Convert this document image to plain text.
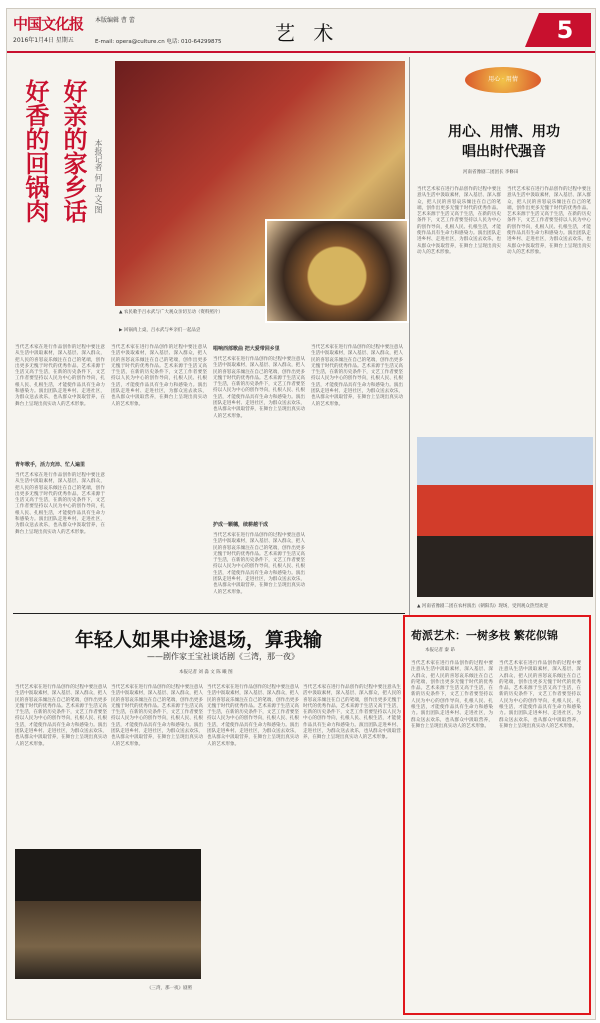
中国文化报
2016年1月4日 星期五
本版编辑 曹 蕾
E-mail: opera@culture.cn 电话: 010-64299875	艺 术	5
好亲的家乡话
好香的回锅肉	本报记者 何 晶 文/图
▲ 农民歌手吕永武与广大观众亲切互动（资料照片）
▶ 回锅肉上桌，吕永武与乡亲们一起品尝
当代艺术家在进行作品创作的过程中要注意从生活中汲取素材，深入基层、深入群众，把人民的喜怒哀乐倾注在自己的笔端，创作出更多无愧于时代的优秀作品。艺术来源于生活又高于生活，在新的历史条件下，文艺工作者要坚持以人民为中心的创作导向，扎根人民、扎根生活，才能使作品具有生命力和感染力。演出团队走进乡村、走进社区，为群众送去欢乐，也从群众中汲取营养，在舞台上呈现出真实动人的艺术形象。
青年歌手，活力充沛、忙人遍里
当代艺术家在进行作品创作的过程中要注意从生活中汲取素材，深入基层、深入群众，把人民的喜怒哀乐倾注在自己的笔端，创作出更多无愧于时代的优秀作品。艺术来源于生活又高于生活，在新的历史条件下，文艺工作者要坚持以人民为中心的创作导向，扎根人民、扎根生活，才能使作品具有生命力和感染力。演出团队走进乡村、走进社区，为群众送去欢乐，也从群众中汲取营养，在舞台上呈现出真实动人的艺术形象。
当代艺术家在进行作品创作的过程中要注意从生活中汲取素材，深入基层、深入群众，把人民的喜怒哀乐倾注在自己的笔端，创作出更多无愧于时代的优秀作品。艺术来源于生活又高于生活，在新的历史条件下，文艺工作者要坚持以人民为中心的创作导向，扎根人民、扎根生活，才能使作品具有生命力和感染力。演出团队走进乡村、走进社区，为群众送去欢乐，也从群众中汲取营养，在舞台上呈现出真实动人的艺术形象。
唱响西部歌曲 把大爱带回乡里
当代艺术家在进行作品创作的过程中要注意从生活中汲取素材，深入基层、深入群众，把人民的喜怒哀乐倾注在自己的笔端，创作出更多无愧于时代的优秀作品。艺术来源于生活又高于生活，在新的历史条件下，文艺工作者要坚持以人民为中心的创作导向，扎根人民、扎根生活，才能使作品具有生命力和感染力。演出团队走进乡村、走进社区，为群众送去欢乐，也从群众中汲取营养，在舞台上呈现出真实动人的艺术形象。
护成一颗穗，续耕越干成
当代艺术家在进行作品创作的过程中要注意从生活中汲取素材，深入基层、深入群众，把人民的喜怒哀乐倾注在自己的笔端，创作出更多无愧于时代的优秀作品。艺术来源于生活又高于生活，在新的历史条件下，文艺工作者要坚持以人民为中心的创作导向，扎根人民、扎根生活，才能使作品具有生命力和感染力。演出团队走进乡村、走进社区，为群众送去欢乐，也从群众中汲取营养，在舞台上呈现出真实动人的艺术形象。
当代艺术家在进行作品创作的过程中要注意从生活中汲取素材，深入基层、深入群众，把人民的喜怒哀乐倾注在自己的笔端，创作出更多无愧于时代的优秀作品。艺术来源于生活又高于生活，在新的历史条件下，文艺工作者要坚持以人民为中心的创作导向，扎根人民、扎根生活，才能使作品具有生命力和感染力。演出团队走进乡村、走进社区，为群众送去欢乐，也从群众中汲取营养，在舞台上呈现出真实动人的艺术形象。
用心 · 用情
用心、用情、用功
唱出时代强音
河南省豫剧二团团长 李修田
当代艺术家在进行作品创作的过程中要注意从生活中汲取素材，深入基层、深入群众，把人民的喜怒哀乐倾注在自己的笔端，创作出更多无愧于时代的优秀作品。艺术来源于生活又高于生活，在新的历史条件下，文艺工作者要坚持以人民为中心的创作导向，扎根人民、扎根生活，才能使作品具有生命力和感染力。演出团队走进乡村、走进社区，为群众送去欢乐，也从群众中汲取营养，在舞台上呈现出真实动人的艺术形象。
当代艺术家在进行作品创作的过程中要注意从生活中汲取素材，深入基层、深入群众，把人民的喜怒哀乐倾注在自己的笔端，创作出更多无愧于时代的优秀作品。艺术来源于生活又高于生活，在新的历史条件下，文艺工作者要坚持以人民为中心的创作导向，扎根人民、扎根生活，才能使作品具有生命力和感染力。演出团队走进乡村、走进社区，为群众送去欢乐，也从群众中汲取营养，在舞台上呈现出真实动人的艺术形象。
▲ 河南省豫剧二团在农村演出《朝阳沟》现场，受到观众热烈欢迎
年轻人如果中途退场，算我输
——剧作家王宝社谈话剧《三湾，那一夜》
本报记者 刘 淼 文 陈 曦 图
当代艺术家在进行作品创作的过程中要注意从生活中汲取素材，深入基层、深入群众，把人民的喜怒哀乐倾注在自己的笔端，创作出更多无愧于时代的优秀作品。艺术来源于生活又高于生活，在新的历史条件下，文艺工作者要坚持以人民为中心的创作导向，扎根人民、扎根生活，才能使作品具有生命力和感染力。演出团队走进乡村、走进社区，为群众送去欢乐，也从群众中汲取营养，在舞台上呈现出真实动人的艺术形象。
当代艺术家在进行作品创作的过程中要注意从生活中汲取素材，深入基层、深入群众，把人民的喜怒哀乐倾注在自己的笔端，创作出更多无愧于时代的优秀作品。艺术来源于生活又高于生活，在新的历史条件下，文艺工作者要坚持以人民为中心的创作导向，扎根人民、扎根生活，才能使作品具有生命力和感染力。演出团队走进乡村、走进社区，为群众送去欢乐，也从群众中汲取营养，在舞台上呈现出真实动人的艺术形象。
当代艺术家在进行作品创作的过程中要注意从生活中汲取素材，深入基层、深入群众，把人民的喜怒哀乐倾注在自己的笔端，创作出更多无愧于时代的优秀作品。艺术来源于生活又高于生活，在新的历史条件下，文艺工作者要坚持以人民为中心的创作导向，扎根人民、扎根生活，才能使作品具有生命力和感染力。演出团队走进乡村、走进社区，为群众送去欢乐，也从群众中汲取营养，在舞台上呈现出真实动人的艺术形象。
当代艺术家在进行作品创作的过程中要注意从生活中汲取素材，深入基层、深入群众，把人民的喜怒哀乐倾注在自己的笔端，创作出更多无愧于时代的优秀作品。艺术来源于生活又高于生活，在新的历史条件下，文艺工作者要坚持以人民为中心的创作导向，扎根人民、扎根生活，才能使作品具有生命力和感染力。演出团队走进乡村、走进社区，为群众送去欢乐，也从群众中汲取营养，在舞台上呈现出真实动人的艺术形象。
《三湾，那一夜》剧照
荀派艺术：一树多枝 繁花似锦
本报记者 秦 昂
当代艺术家在进行作品创作的过程中要注意从生活中汲取素材，深入基层、深入群众，把人民的喜怒哀乐倾注在自己的笔端，创作出更多无愧于时代的优秀作品。艺术来源于生活又高于生活，在新的历史条件下，文艺工作者要坚持以人民为中心的创作导向，扎根人民、扎根生活，才能使作品具有生命力和感染力。演出团队走进乡村、走进社区，为群众送去欢乐，也从群众中汲取营养，在舞台上呈现出真实动人的艺术形象。
当代艺术家在进行作品创作的过程中要注意从生活中汲取素材，深入基层、深入群众，把人民的喜怒哀乐倾注在自己的笔端，创作出更多无愧于时代的优秀作品。艺术来源于生活又高于生活，在新的历史条件下，文艺工作者要坚持以人民为中心的创作导向，扎根人民、扎根生活，才能使作品具有生命力和感染力。演出团队走进乡村、走进社区，为群众送去欢乐，也从群众中汲取营养，在舞台上呈现出真实动人的艺术形象。
